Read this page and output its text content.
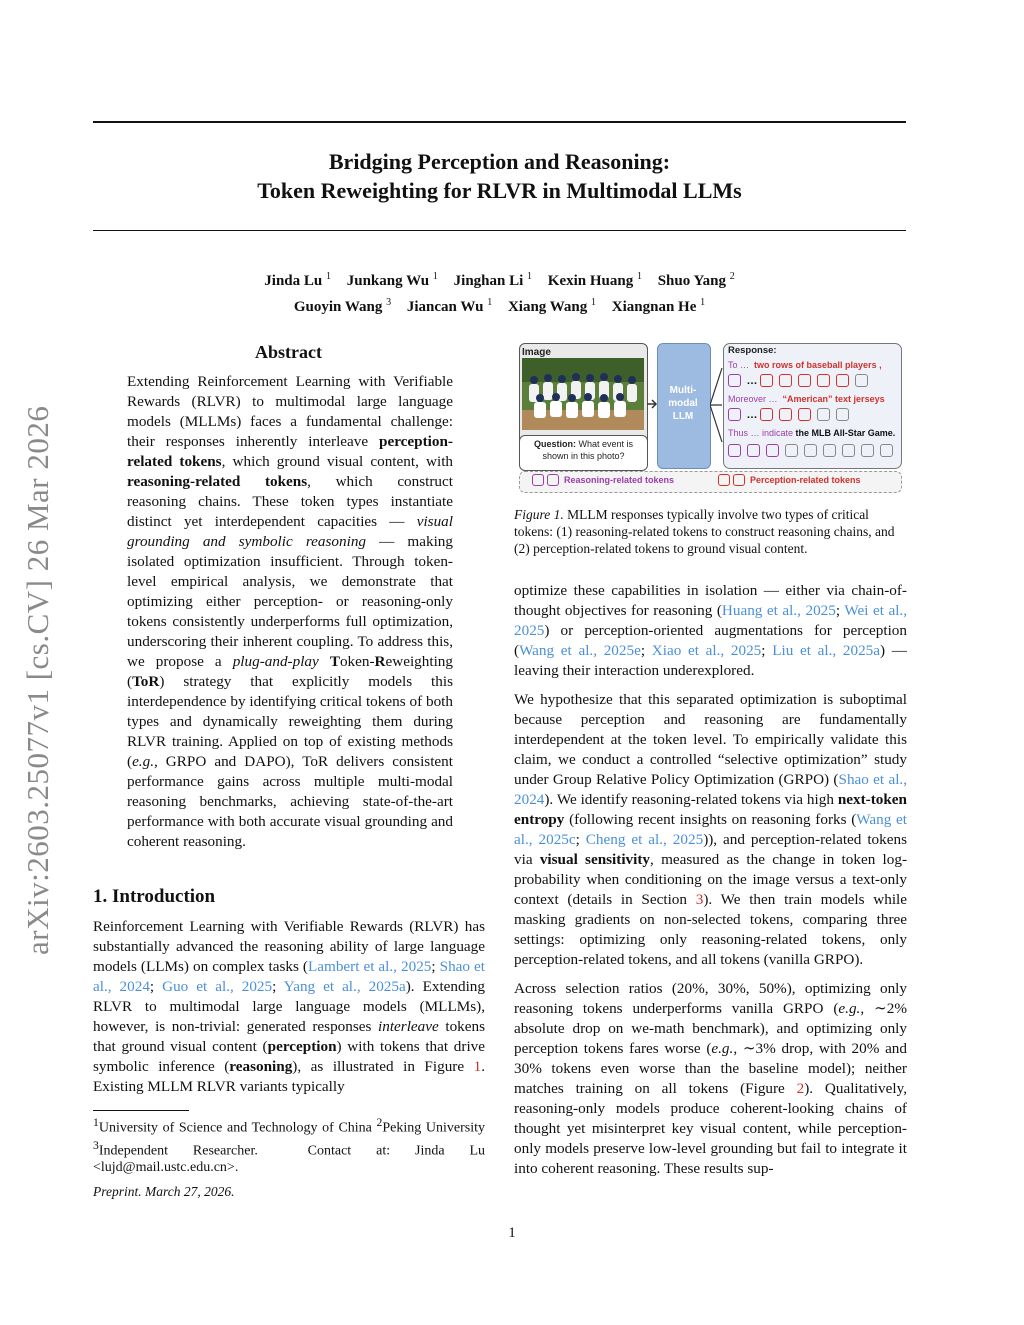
Bridging Perception and Reasoning:
Token Reweighting for RLVR in Multimodal LLMs
Jinda Lu $^1$ Junkang Wu $^1$ Jinghan Li $^1$ Kexin Huang $^1$ Shuo Yang $^2$
Guoyin Wang $^3$ Jiancan Wu $^1$ Xiang Wang $^1$ Xiangnan He $^1$
arXiv:2603.25077v1 [cs.CV] 26 Mar 2026
Abstract
Extending Reinforcement Learning with Verifiable Rewards (RLVR) to multimodal large language models (MLLMs) faces a fundamental challenge: their responses inherently interleave perception-related tokens, which ground visual content, with reasoning-related tokens, which construct reasoning chains. These token types instantiate distinct yet interdependent capacities — visual grounding and symbolic reasoning — making isolated optimization insufficient. Through token-level empirical analysis, we demonstrate that optimizing either perception- or reasoning-only tokens consistently underperforms full optimization, underscoring their inherent coupling. To address this, we propose a plug-and-play Token-Reweighting (ToR) strategy that explicitly models this interdependence by identifying critical tokens of both types and dynamically reweighting them during RLVR training. Applied on top of existing methods (e.g., GRPO and DAPO), ToR delivers consistent performance gains across multiple multi-modal reasoning benchmarks, achieving state-of-the-art performance with both accurate visual grounding and coherent reasoning.
1. Introduction
Reinforcement Learning with Verifiable Rewards (RLVR) has substantially advanced the reasoning ability of large language models (LLMs) on complex tasks (Lambert et al., 2025; Shao et al., 2024; Guo et al., 2025; Yang et al., 2025a). Extending RLVR to multimodal large language models (MLLMs), however, is non-trivial: generated responses interleave tokens that ground visual content (perception) with tokens that drive symbolic inference (reasoning), as illustrated in Figure 1. Existing MLLM RLVR variants typically
$^1$University of Science and Technology of China $^2$Peking University $^3$Independent Researcher.	Contact at: Jinda Lu <lujd@mail.ustc.edu.cn>.
Preprint. March 27, 2026.
Image
Question: What event is shown in this photo?
Multi-
modal
LLM
Response:
To … two rows of baseball players ,
…
Moreover … “American” text jerseys
…
Thus … indicate the MLB All-Star Game.
Reasoning-related tokens	Perception-related tokens
Figure 1. MLLM responses typically involve two types of critical tokens: (1) reasoning-related tokens to construct reasoning chains, and (2) perception-related tokens to ground visual content.
optimize these capabilities in isolation — either via chain-of-thought objectives for reasoning (Huang et al., 2025; Wei et al., 2025) or perception-oriented augmentations for perception (Wang et al., 2025e; Xiao et al., 2025; Liu et al., 2025a) — leaving their interaction underexplored.
We hypothesize that this separated optimization is suboptimal because perception and reasoning are fundamentally interdependent at the token level. To empirically validate this claim, we conduct a controlled “selective optimization” study under Group Relative Policy Optimization (GRPO) (Shao et al., 2024). We identify reasoning-related tokens via high next-token entropy (following recent insights on reasoning forks (Wang et al., 2025c; Cheng et al., 2025)), and perception-related tokens via visual sensitivity, measured as the change in token log-probability when conditioning on the image versus a text-only context (details in Section 3). We then train models while masking gradients on non-selected tokens, comparing three settings: optimizing only reasoning-related tokens, only perception-related tokens, and all tokens (vanilla GRPO).
Across selection ratios (20%, 30%, 50%), optimizing only reasoning tokens underperforms vanilla GRPO (e.g., ∼2% absolute drop on we-math benchmark), and optimizing only perception tokens fares worse (e.g., ∼3% drop, with 20% and 30% tokens even worse than the baseline model); neither matches training on all tokens (Figure 2). Qualitatively, reasoning-only models produce coherent-looking chains of thought yet misinterpret key visual content, while perception-only models preserve low-level grounding but fail to integrate it into coherent reasoning. These results sup-
1
